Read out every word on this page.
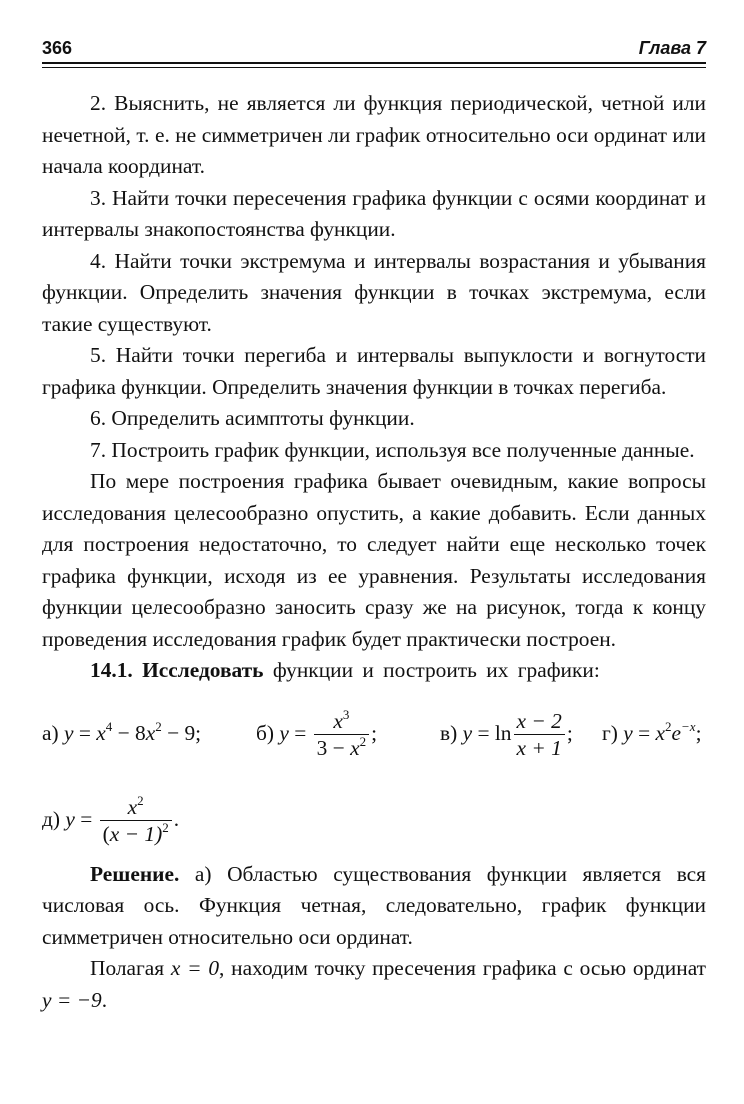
366	Глава 7

2. Выяснить, не является ли функция периодической, четной или нечетной, т. е. не симметричен ли график относительно оси ординат или начала координат.

3. Найти точки пересечения графика функции с осями координат и интервалы знакопостоянства функции.

4. Найти точки экстремума и интервалы возрастания и убывания функции. Определить значения функции в точках экстремума, если такие существуют.

5. Найти точки перегиба и интервалы выпуклости и вогнутости графика функции. Определить значения функции в точках перегиба.

6. Определить асимптоты функции.

7. Построить график функции, используя все полученные данные.

По мере построения графика бывает очевидным, какие вопросы исследования целесообразно опустить, а какие добавить. Если данных для построения недостаточно, то следует найти еще несколько точек графика функции, исходя из ее уравнения. Результаты исследования функции целесообразно заносить сразу же на рисунок, тогда к концу проведения исследования график будет практически построен.

14.1. Исследовать функции и построить их графики:

а) $y = x^4 - 8x^2 - 9$;	б) $y = \frac{x^3}{3 - x^2}$ ;	в) $y = \ln \frac{x - 2}{x + 1}$ ; г) $y = x^2e^{-x}$;
д) $y = \frac{x^2}{(x - 1)^2}$ .

Решение. а) Областью существования функции является вся числовая ось. Функция четная, следовательно, график функции симметричен относительно оси ординат.

Полагая x = 0, находим точку пресечения графика с осью ординат y = −9.
